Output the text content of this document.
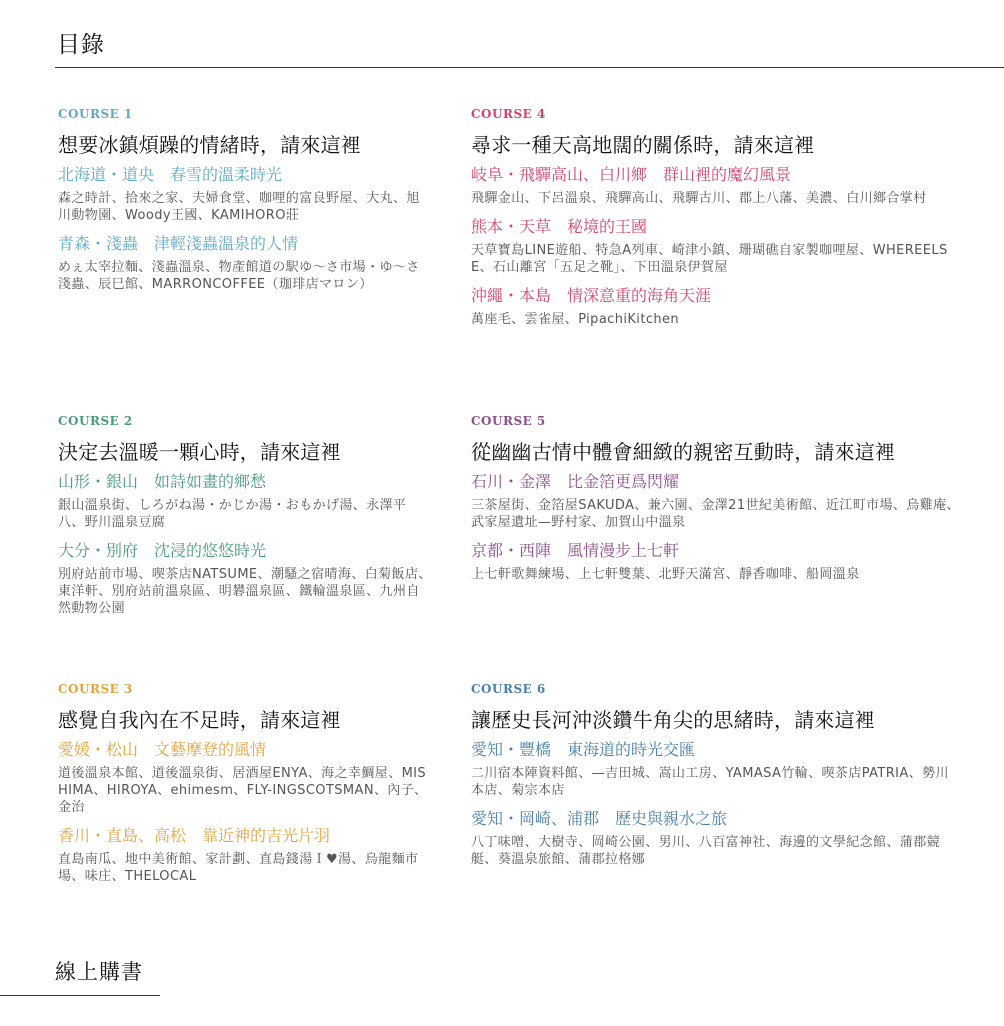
目錄
COURSE 1
想要冰鎮煩躁的情緒時，請來這裡
北海道・道央　春雪的溫柔時光
森之時計、拾來之家、夫婦食堂、咖哩的富良野屋、大丸、旭川動物園、Woody王國、KAMIHORO莊
青森・淺蟲　津輕淺蟲溫泉的人情
めぇ太宰拉麵、淺蟲溫泉、物產館道の駅ゆ〜さ市場・ゆ〜さ淺蟲、辰巳館、MARRONCOFFEE（珈琲店マロン）
COURSE 2
決定去溫暖一顆心時，請來這裡
山形・銀山　如詩如畫的鄉愁
銀山溫泉街、しろがね湯・かじか湯・おもかげ湯、永澤平八、野川溫泉豆腐
大分・別府　沈浸的悠悠時光
別府站前市場、喫茶店NATSUME、潮騷之宿晴海、白菊飯店、東洋軒、別府站前溫泉區、明礬溫泉區、鐵輪溫泉區、九州自然動物公園
COURSE 3
感覺自我內在不足時，請來這裡
愛媛・松山　文藝摩登的風情
道後溫泉本館、道後溫泉街、居酒屋ENYA、海之幸鯛屋、MISHIMA、HIROYA、ehimesm、FLY-INGSCOTSMAN、內子、金治
香川・直島、高松　靠近神的吉光片羽
直島南瓜、地中美術館、家計劃、直島錢湯Ｉ♥湯、烏龍麵市場、味庄、THELOCAL
COURSE 4
尋求一種天高地闊的關係時，請來這裡
岐阜・飛驒高山、白川鄉　群山裡的魔幻風景
飛驒金山、下呂溫泉、飛驒高山、飛驒古川、郡上八藩、美濃、白川鄉合掌村
熊本・天草　秘境的王國
天草寶島LINE遊船、特急A列車、崎津小鎮、珊瑚礁自家製咖哩屋、WHEREELSE、石山離宮「五足之靴」、下田溫泉伊賀屋
沖繩・本島　情深意重的海角天涯
萬座毛、雲雀屋、PipachiKitchen
COURSE 5
從幽幽古情中體會細緻的親密互動時，請來這裡
石川・金澤　比金箔更爲閃耀
三茶屋街、金箔屋SAKUDA、兼六園、金澤21世紀美術館、近江町市場、烏雞庵、武家屋遺址—野村家、加賀山中溫泉
京都・西陣　風情漫步上七軒
上七軒歌舞練場、上七軒雙葉、北野天滿宮、靜香咖啡、船岡溫泉
COURSE 6
讓歷史長河沖淡鑽牛角尖的思緒時，請來這裡
愛知・豐橋　東海道的時光交匯
二川宿本陣資料館、—吉田城、嵩山工房、YAMASA竹輪、喫茶店PATRIA、勢川本店、菊宗本店
愛知・岡崎、浦郡　歷史與親水之旅
八丁味噌、大樹寺、岡崎公園、男川、八百富神社、海邊的文學紀念館、蒲郡競艇、葵溫泉旅館、蒲郡拉格娜
線上購書
